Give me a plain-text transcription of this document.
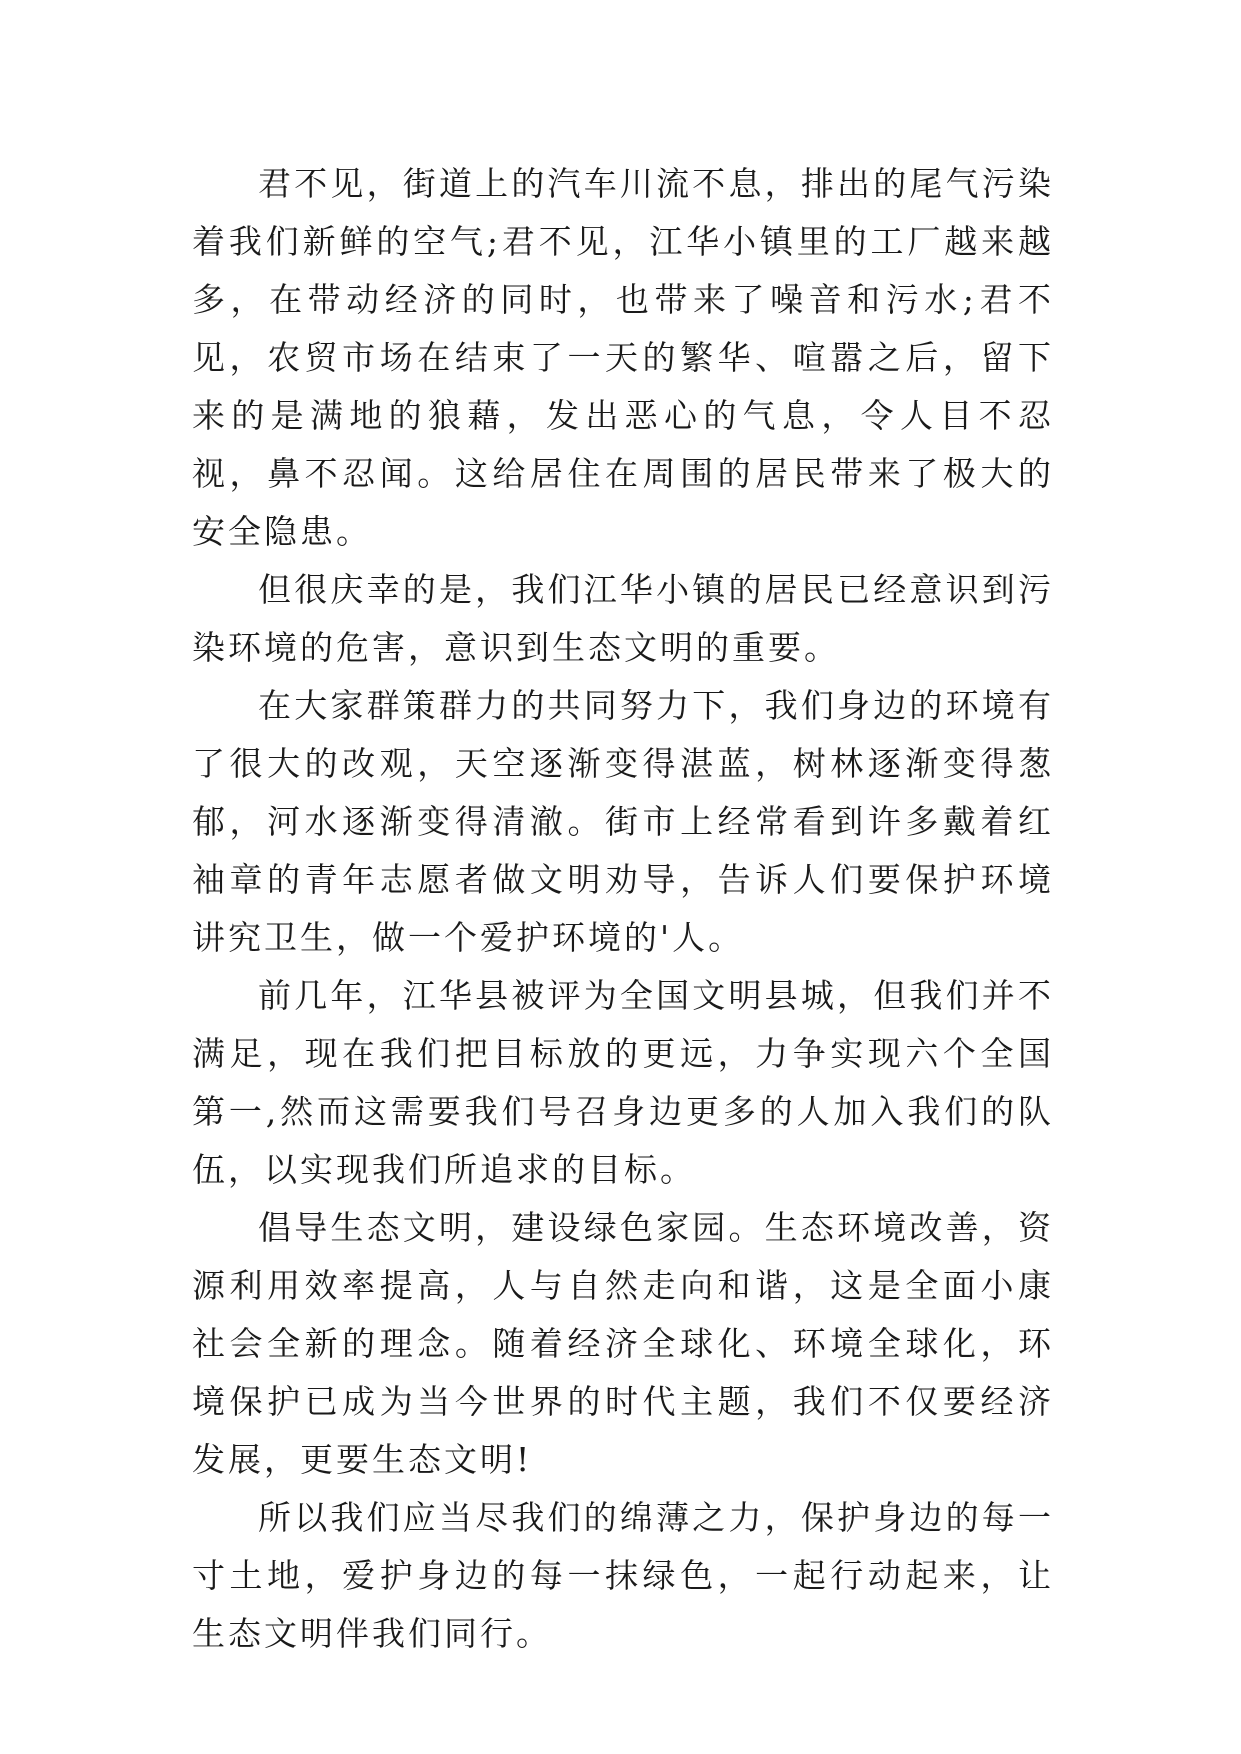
君不见，街道上的汽车川流不息，排出的尾气污染着我们新鲜的空气;君不见，江华小镇里的工厂越来越多，在带动经济的同时，也带来了噪音和污水;君不见，农贸市场在结束了一天的繁华、喧嚣之后，留下来的是满地的狼藉，发出恶心的气息，令人目不忍视，鼻不忍闻。这给居住在周围的居民带来了极大的安全隐患。

但很庆幸的是，我们江华小镇的居民已经意识到污染环境的危害，意识到生态文明的重要。

在大家群策群力的共同努力下，我们身边的环境有了很大的改观，天空逐渐变得湛蓝，树林逐渐变得葱郁，河水逐渐变得清澈。街市上经常看到许多戴着红袖章的青年志愿者做文明劝导，告诉人们要保护环境讲究卫生，做一个爱护环境的'人。

前几年，江华县被评为全国文明县城，但我们并不满足，现在我们把目标放的更远，力争实现六个全国第一,然而这需要我们号召身边更多的人加入我们的队伍，以实现我们所追求的目标。

倡导生态文明，建设绿色家园。生态环境改善，资源利用效率提高，人与自然走向和谐，这是全面小康社会全新的理念。随着经济全球化、环境全球化，环境保护已成为当今世界的时代主题，我们不仅要经济发展，更要生态文明!

所以我们应当尽我们的绵薄之力，保护身边的每一寸土地，爱护身边的每一抹绿色，一起行动起来，让生态文明伴我们同行。
